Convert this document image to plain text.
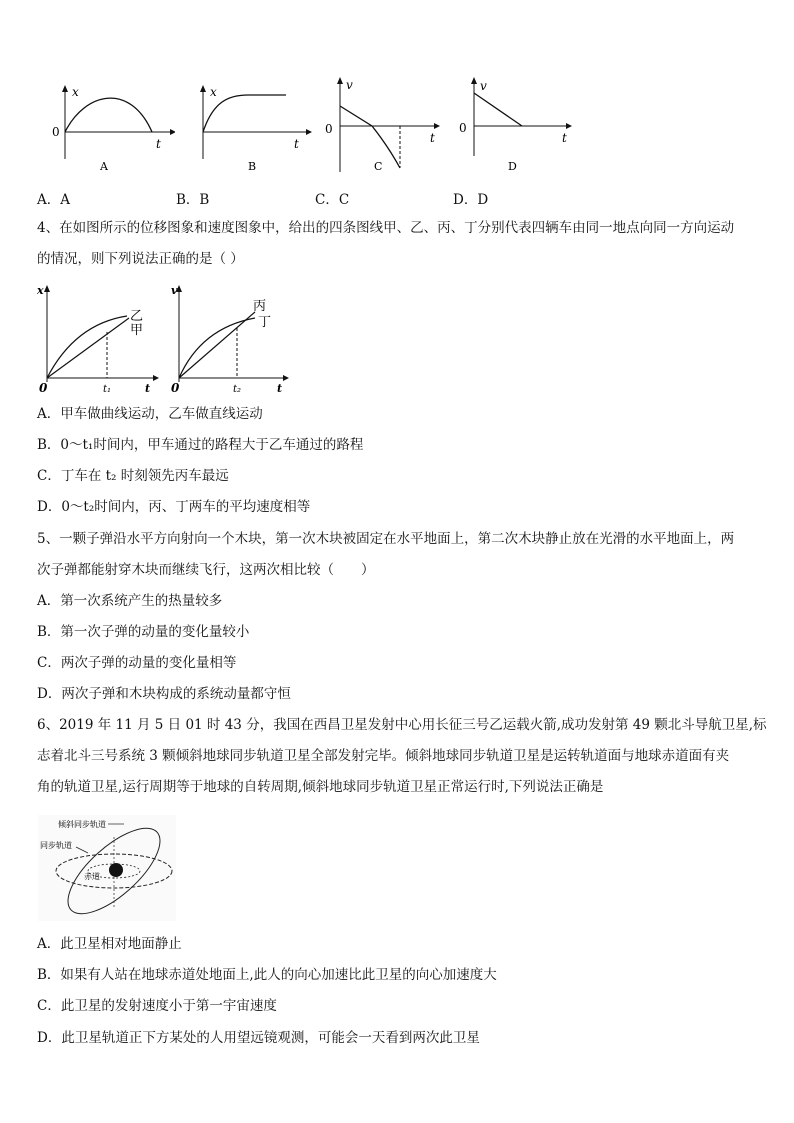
x
t
0
A
x
t
B
v
t
0
C
v
t
0
D
A．A	B．B	C．C	D．D
4、在如图所示的位移图象和速度图象中，给出的四条图线甲、乙、丙、丁分别代表四辆车由同一地点向同一方向运动
的情况，则下列说法正确的是（ ）
x
t
0	t₁
乙
甲
v
t
0	t₂
丙
丁
A．甲车做曲线运动，乙车做直线运动
B．0～t₁时间内，甲车通过的路程大于乙车通过的路程
C．丁车在 t₂ 时刻领先丙车最远
D．0～t₂时间内，丙、丁两车的平均速度相等
5、一颗子弹沿水平方向射向一个木块，第一次木块被固定在水平地面上，第二次木块静止放在光滑的水平地面上，两
次子弹都能射穿木块而继续飞行，这两次相比较（　　）
A．第一次系统产生的热量较多
B．第一次子弹的动量的变化量较小
C．两次子弹的动量的变化量相等
D．两次子弹和木块构成的系统动量都守恒
6、2019 年 11 月 5 日 01 时 43 分，我国在西昌卫星发射中心用长征三号乙运载火箭,成功发射第 49 颗北斗导航卫星,标
志着北斗三号系统 3 颗倾斜地球同步轨道卫星全部发射完毕。倾斜地球同步轨道卫星是运转轨道面与地球赤道面有夹
角的轨道卫星,运行周期等于地球的自转周期,倾斜地球同步轨道卫星正常运行时,下列说法正确是
倾斜同步轨道
同步轨道
赤道
A．此卫星相对地面静止
B．如果有人站在地球赤道处地面上,此人的向心加速比此卫星的向心加速度大
C．此卫星的发射速度小于第一宇宙速度
D．此卫星轨道正下方某处的人用望远镜观测，可能会一天看到两次此卫星
